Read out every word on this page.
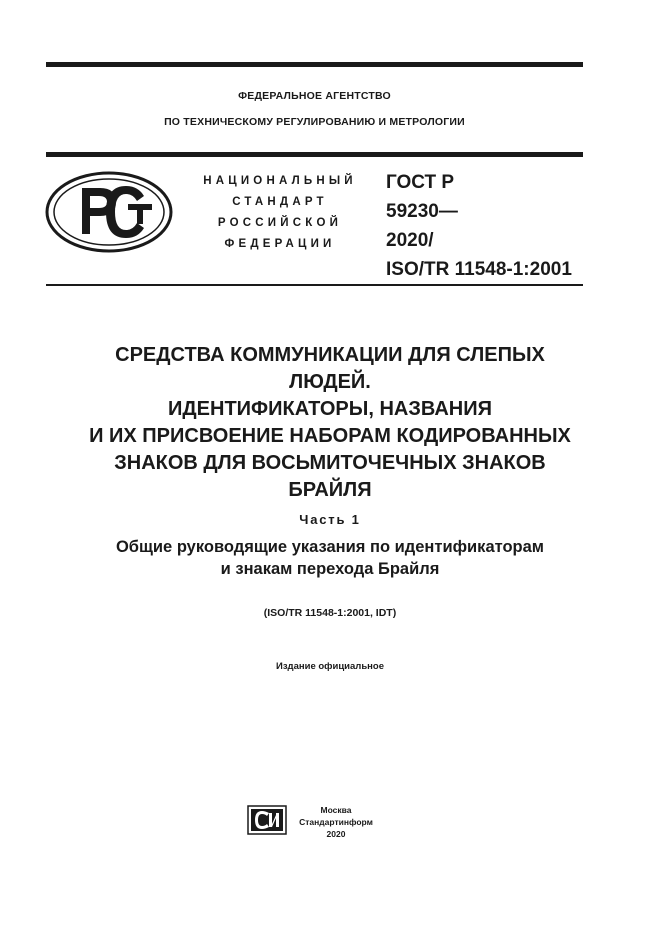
ФЕДЕРАЛЬНОЕ АГЕНТСТВО
ПО ТЕХНИЧЕСКОМУ РЕГУЛИРОВАНИЮ И МЕТРОЛОГИИ
НАЦИОНАЛЬНЫЙ
СТАНДАРТ
РОССИЙСКОЙ
ФЕДЕРАЦИИ
ГОСТ Р
59230—
2020/
ISO/TR 11548-1:2001
СРЕДСТВА КОММУНИКАЦИИ ДЛЯ СЛЕПЫХ
ЛЮДЕЙ.
ИДЕНТИФИКАТОРЫ, НАЗВАНИЯ
И ИХ ПРИСВОЕНИЕ НАБОРАМ КОДИРОВАННЫХ
ЗНАКОВ ДЛЯ ВОСЬМИТОЧЕЧНЫХ ЗНАКОВ
БРАЙЛЯ
Часть 1
Общие руководящие указания по идентификаторам
и знакам перехода Брайля
(ISO/TR 11548-1:2001, IDT)
Издание официальное
Москва
Стандартинформ
2020
